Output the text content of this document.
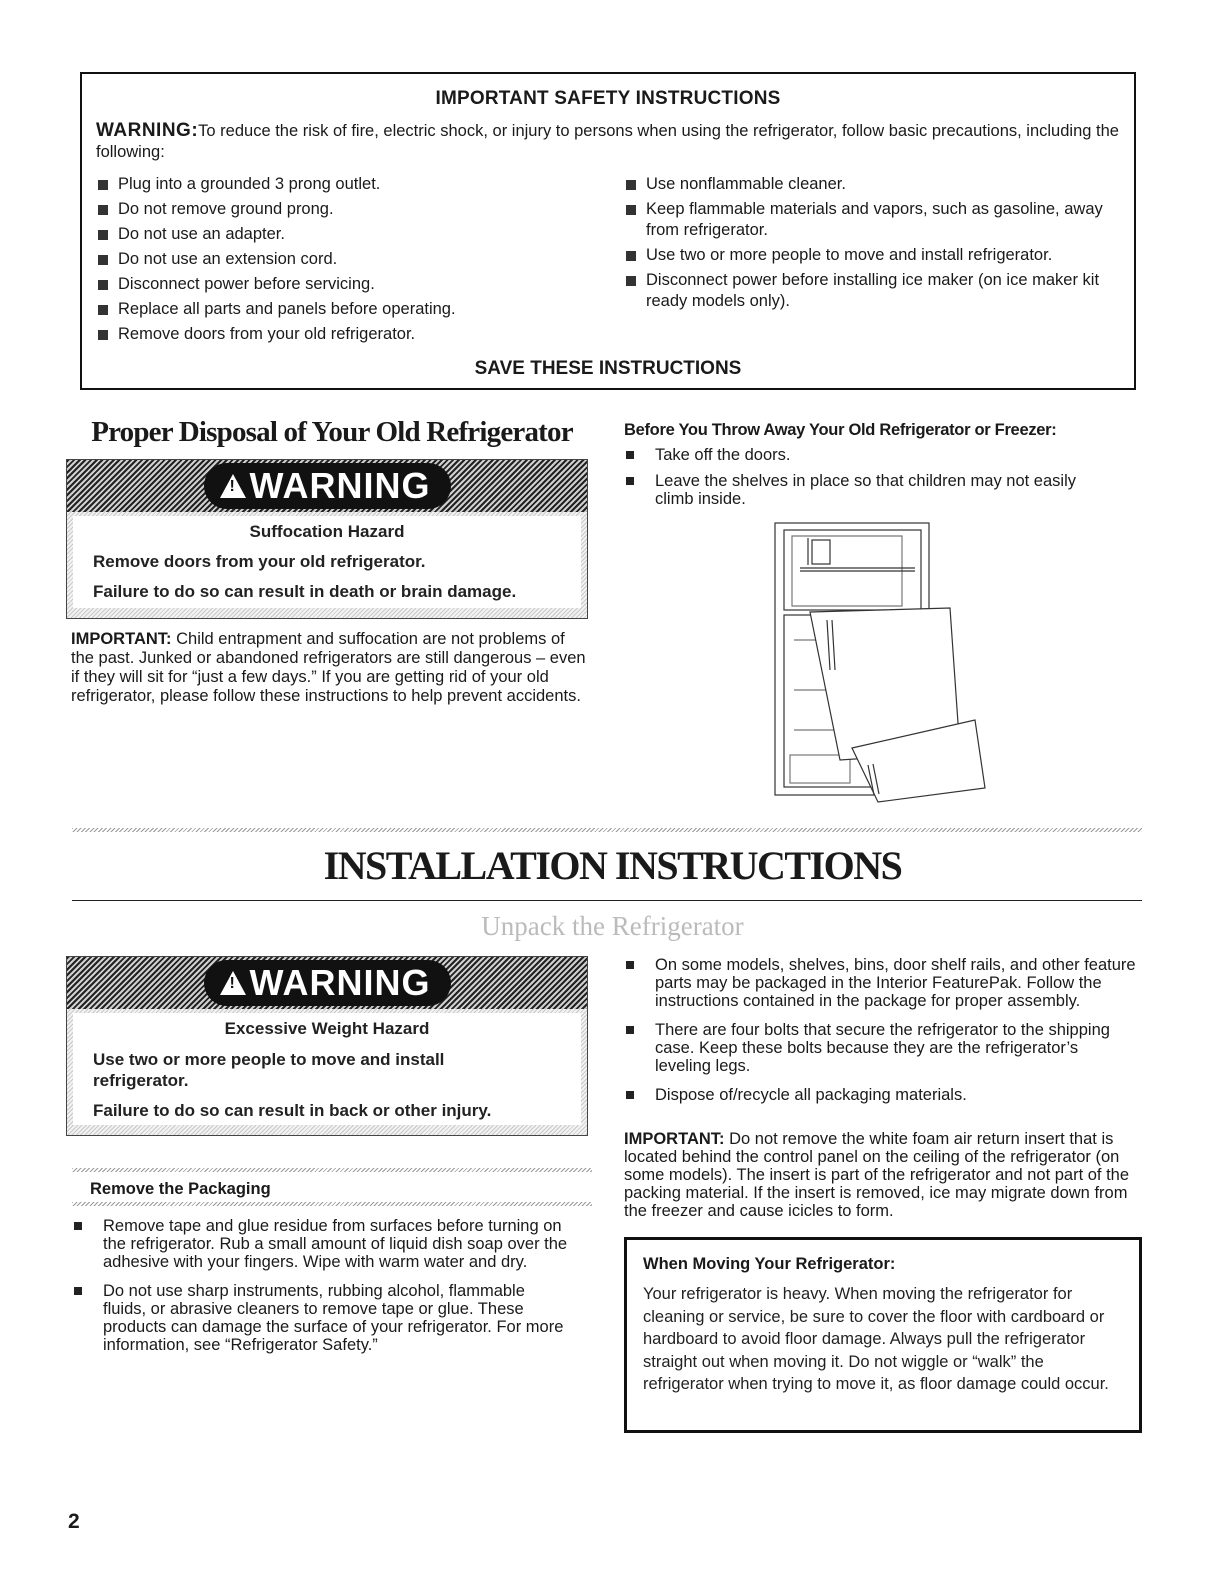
IMPORTANT SAFETY INSTRUCTIONS
WARNING:To reduce the risk of fire, electric shock, or injury to persons when using the refrigerator, follow basic precautions, including the following:
Plug into a grounded 3 prong outlet.
Do not remove ground prong.
Do not use an adapter.
Do not use an extension cord.
Disconnect power before servicing.
Replace all parts and panels before operating.
Remove doors from your old refrigerator.
Use nonflammable cleaner.
Keep flammable materials and vapors, such as gasoline, away from refrigerator.
Use two or more people to move and install refrigerator.
Disconnect power before installing ice maker (on ice maker kit ready models only).
SAVE THESE INSTRUCTIONS
Proper Disposal of Your Old Refrigerator
! WARNING
Suffocation Hazard
Remove doors from your old refrigerator.
Failure to do so can result in death or brain damage.
IMPORTANT: Child entrapment and suffocation are not problems of the past. Junked or abandoned refrigerators are still dangerous – even if they will sit for “just a few days.” If you are getting rid of your old refrigerator, please follow these instructions to help prevent accidents.
Before You Throw Away Your Old Refrigerator or Freezer:
Take off the doors.
Leave the shelves in place so that children may not easily climb inside.
INSTALLATION INSTRUCTIONS
Unpack the Refrigerator
! WARNING
Excessive Weight Hazard
Use two or more people to move and install refrigerator.
Failure to do so can result in back or other injury.
Remove the Packaging
Remove tape and glue residue from surfaces before turning on the refrigerator. Rub a small amount of liquid dish soap over the adhesive with your fingers. Wipe with warm water and dry.
Do not use sharp instruments, rubbing alcohol, flammable fluids, or abrasive cleaners to remove tape or glue. These products can damage the surface of your refrigerator. For more information, see “Refrigerator Safety.”
On some models, shelves, bins, door shelf rails, and other feature parts may be packaged in the Interior FeaturePak. Follow the instructions contained in the package for proper assembly.
There are four bolts that secure the refrigerator to the shipping case. Keep these bolts because they are the refrigerator’s leveling legs.
Dispose of/recycle all packaging materials.
IMPORTANT: Do not remove the white foam air return insert that is located behind the control panel on the ceiling of the refrigerator (on some models). The insert is part of the refrigerator and not part of the packing material. If the insert is removed, ice may migrate down from the freezer and cause icicles to form.
When Moving Your Refrigerator:
Your refrigerator is heavy. When moving the refrigerator for cleaning or service, be sure to cover the floor with cardboard or hardboard to avoid floor damage. Always pull the refrigerator straight out when moving it. Do not wiggle or “walk” the refrigerator when trying to move it, as floor damage could occur.
2
